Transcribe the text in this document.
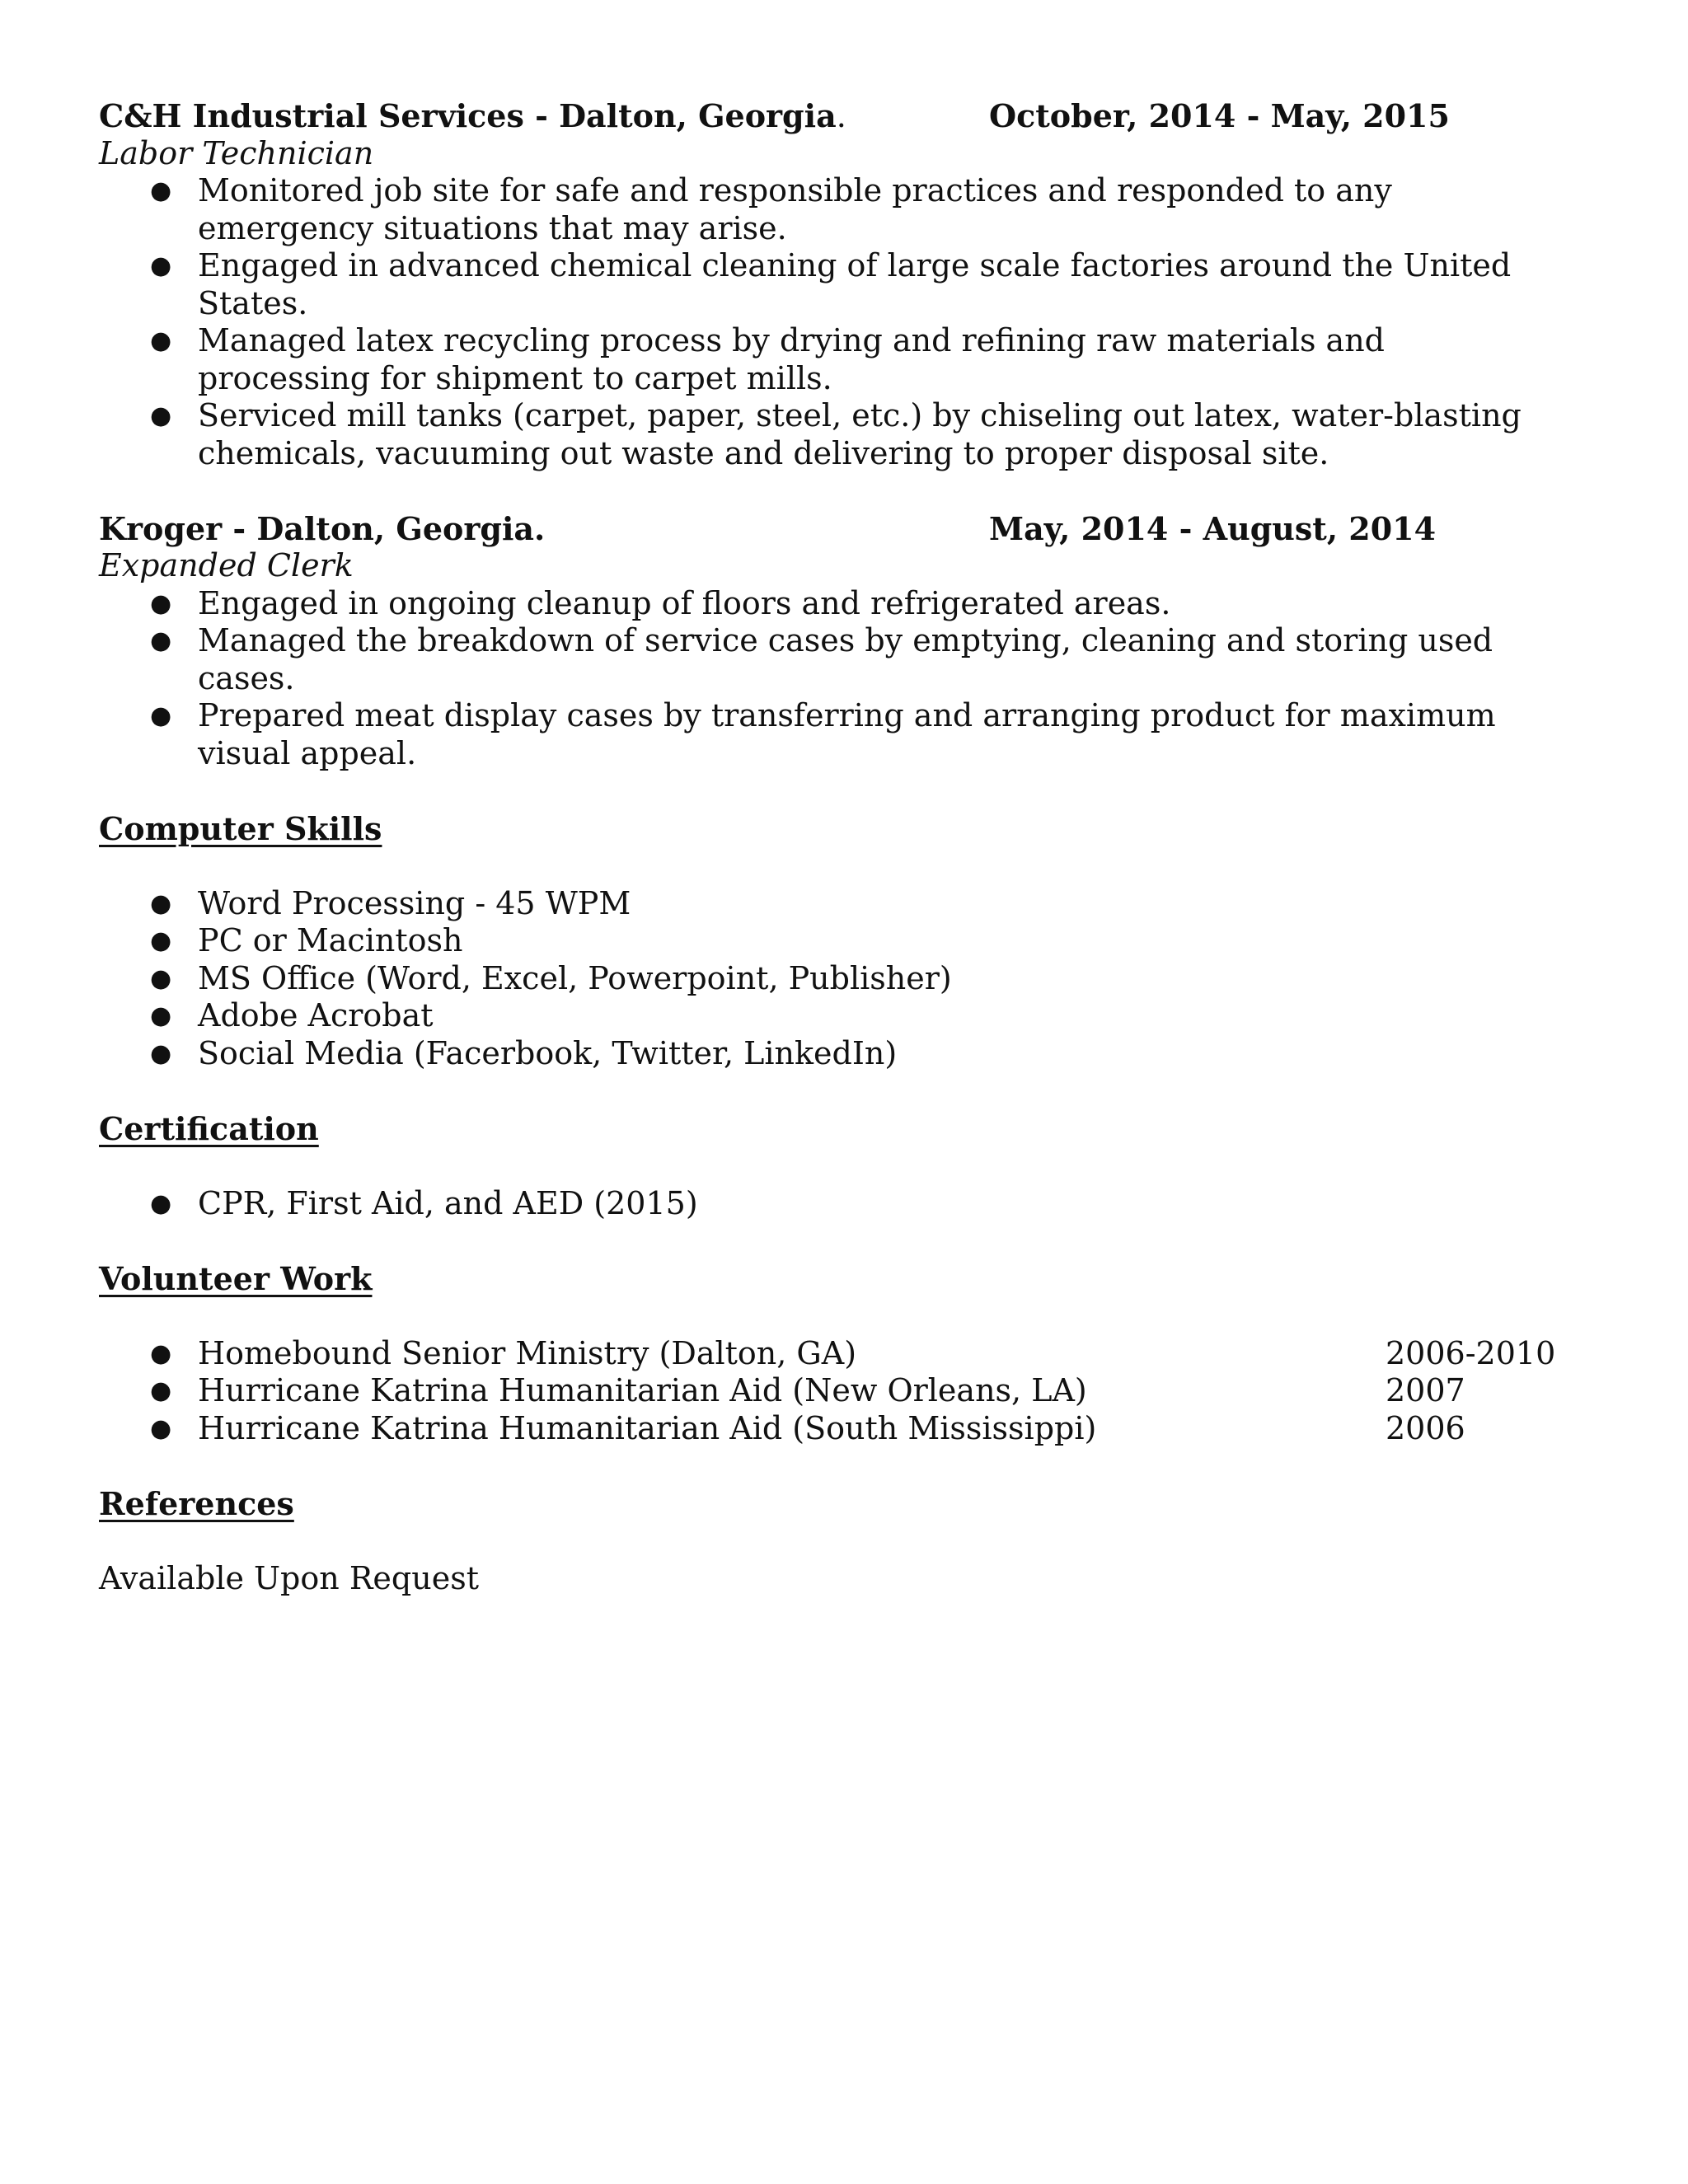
C&H Industrial Services - Dalton, Georgia.	October, 2014 - May, 2015
Labor Technician
● Monitored job site for safe and responsible practices and responded to any emergency situations that may arise.
● Engaged in advanced chemical cleaning of large scale factories around the United States.
● Managed latex recycling process by drying and refining raw materials and processing for shipment to carpet mills.
● Serviced mill tanks (carpet, paper, steel, etc.) by chiseling out latex, water-blasting chemicals, vacuuming out waste and delivering to proper disposal site.
Kroger - Dalton, Georgia.	May, 2014 - August, 2014
Expanded Clerk
● Engaged in ongoing cleanup of floors and refrigerated areas.
● Managed the breakdown of service cases by emptying, cleaning and storing used cases.
● Prepared meat display cases by transferring and arranging product for maximum visual appeal.
Computer Skills
● Word Processing - 45 WPM
● PC or Macintosh
● MS Office (Word, Excel, Powerpoint, Publisher)
● Adobe Acrobat
● Social Media (Facerbook, Twitter, LinkedIn)
Certification
● CPR, First Aid, and AED (2015)
Volunteer Work
● Homebound Senior Ministry (Dalton, GA)	2006-2010
● Hurricane Katrina Humanitarian Aid (New Orleans, LA)	2007
● Hurricane Katrina Humanitarian Aid (South Mississippi)	2006
References
Available Upon Request
